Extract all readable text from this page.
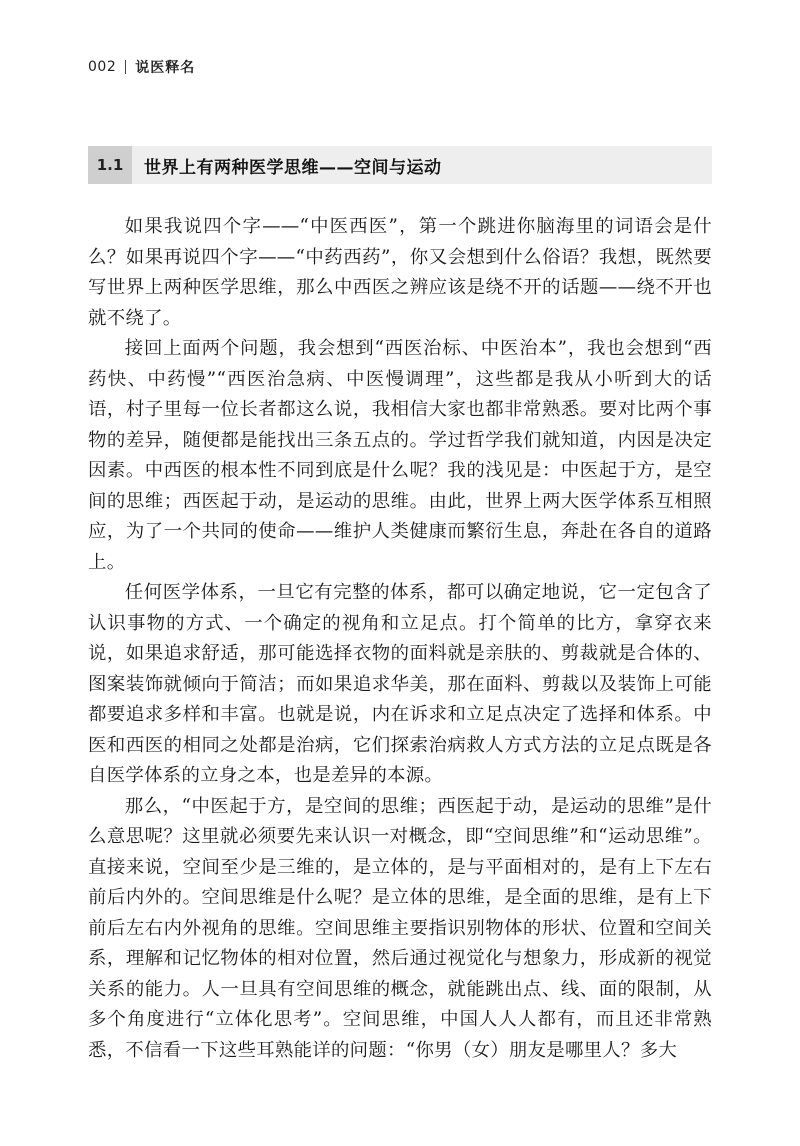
002 说医释名
1.1	世界上有两种医学思维——空间与运动

如果我说四个字——“中医西医”，第一个跳进你脑海里的词语会是什么？如果再说四个字——“中药西药”，你又会想到什么俗语？我想，既然要写世界上两种医学思维，那么中西医之辨应该是绕不开的话题——绕不开也就不绕了。

接回上面两个问题，我会想到“西医治标、中医治本”，我也会想到“西药快、中药慢”“西医治急病、中医慢调理”，这些都是我从小听到大的话语，村子里每一位长者都这么说，我相信大家也都非常熟悉。要对比两个事物的差异，随便都是能找出三条五点的。学过哲学我们就知道，内因是决定因素。中西医的根本性不同到底是什么呢？我的浅见是：中医起于方，是空间的思维；西医起于动，是运动的思维。由此，世界上两大医学体系互相照应，为了一个共同的使命——维护人类健康而繁衍生息，奔赴在各自的道路上。

任何医学体系，一旦它有完整的体系，都可以确定地说，它一定包含了认识事物的方式、一个确定的视角和立足点。打个简单的比方，拿穿衣来说，如果追求舒适，那可能选择衣物的面料就是亲肤的、剪裁就是合体的、图案装饰就倾向于简洁；而如果追求华美，那在面料、剪裁以及装饰上可能都要追求多样和丰富。也就是说，内在诉求和立足点决定了选择和体系。中医和西医的相同之处都是治病，它们探索治病救人方式方法的立足点既是各自医学体系的立身之本，也是差异的本源。

那么，“中医起于方，是空间的思维；西医起于动，是运动的思维”是什么意思呢？这里就必须要先来认识一对概念，即“空间思维”和“运动思维”。直接来说，空间至少是三维的，是立体的，是与平面相对的，是有上下左右前后内外的。空间思维是什么呢？是立体的思维，是全面的思维，是有上下前后左右内外视角的思维。空间思维主要指识别物体的形状、位置和空间关系，理解和记忆物体的相对位置，然后通过视觉化与想象力，形成新的视觉关系的能力。人一旦具有空间思维的概念，就能跳出点、线、面的限制，从多个角度进行“立体化思考”。空间思维，中国人人人都有，而且还非常熟悉，不信看一下这些耳熟能详的问题：“你男（女）朋友是哪里人？多大
